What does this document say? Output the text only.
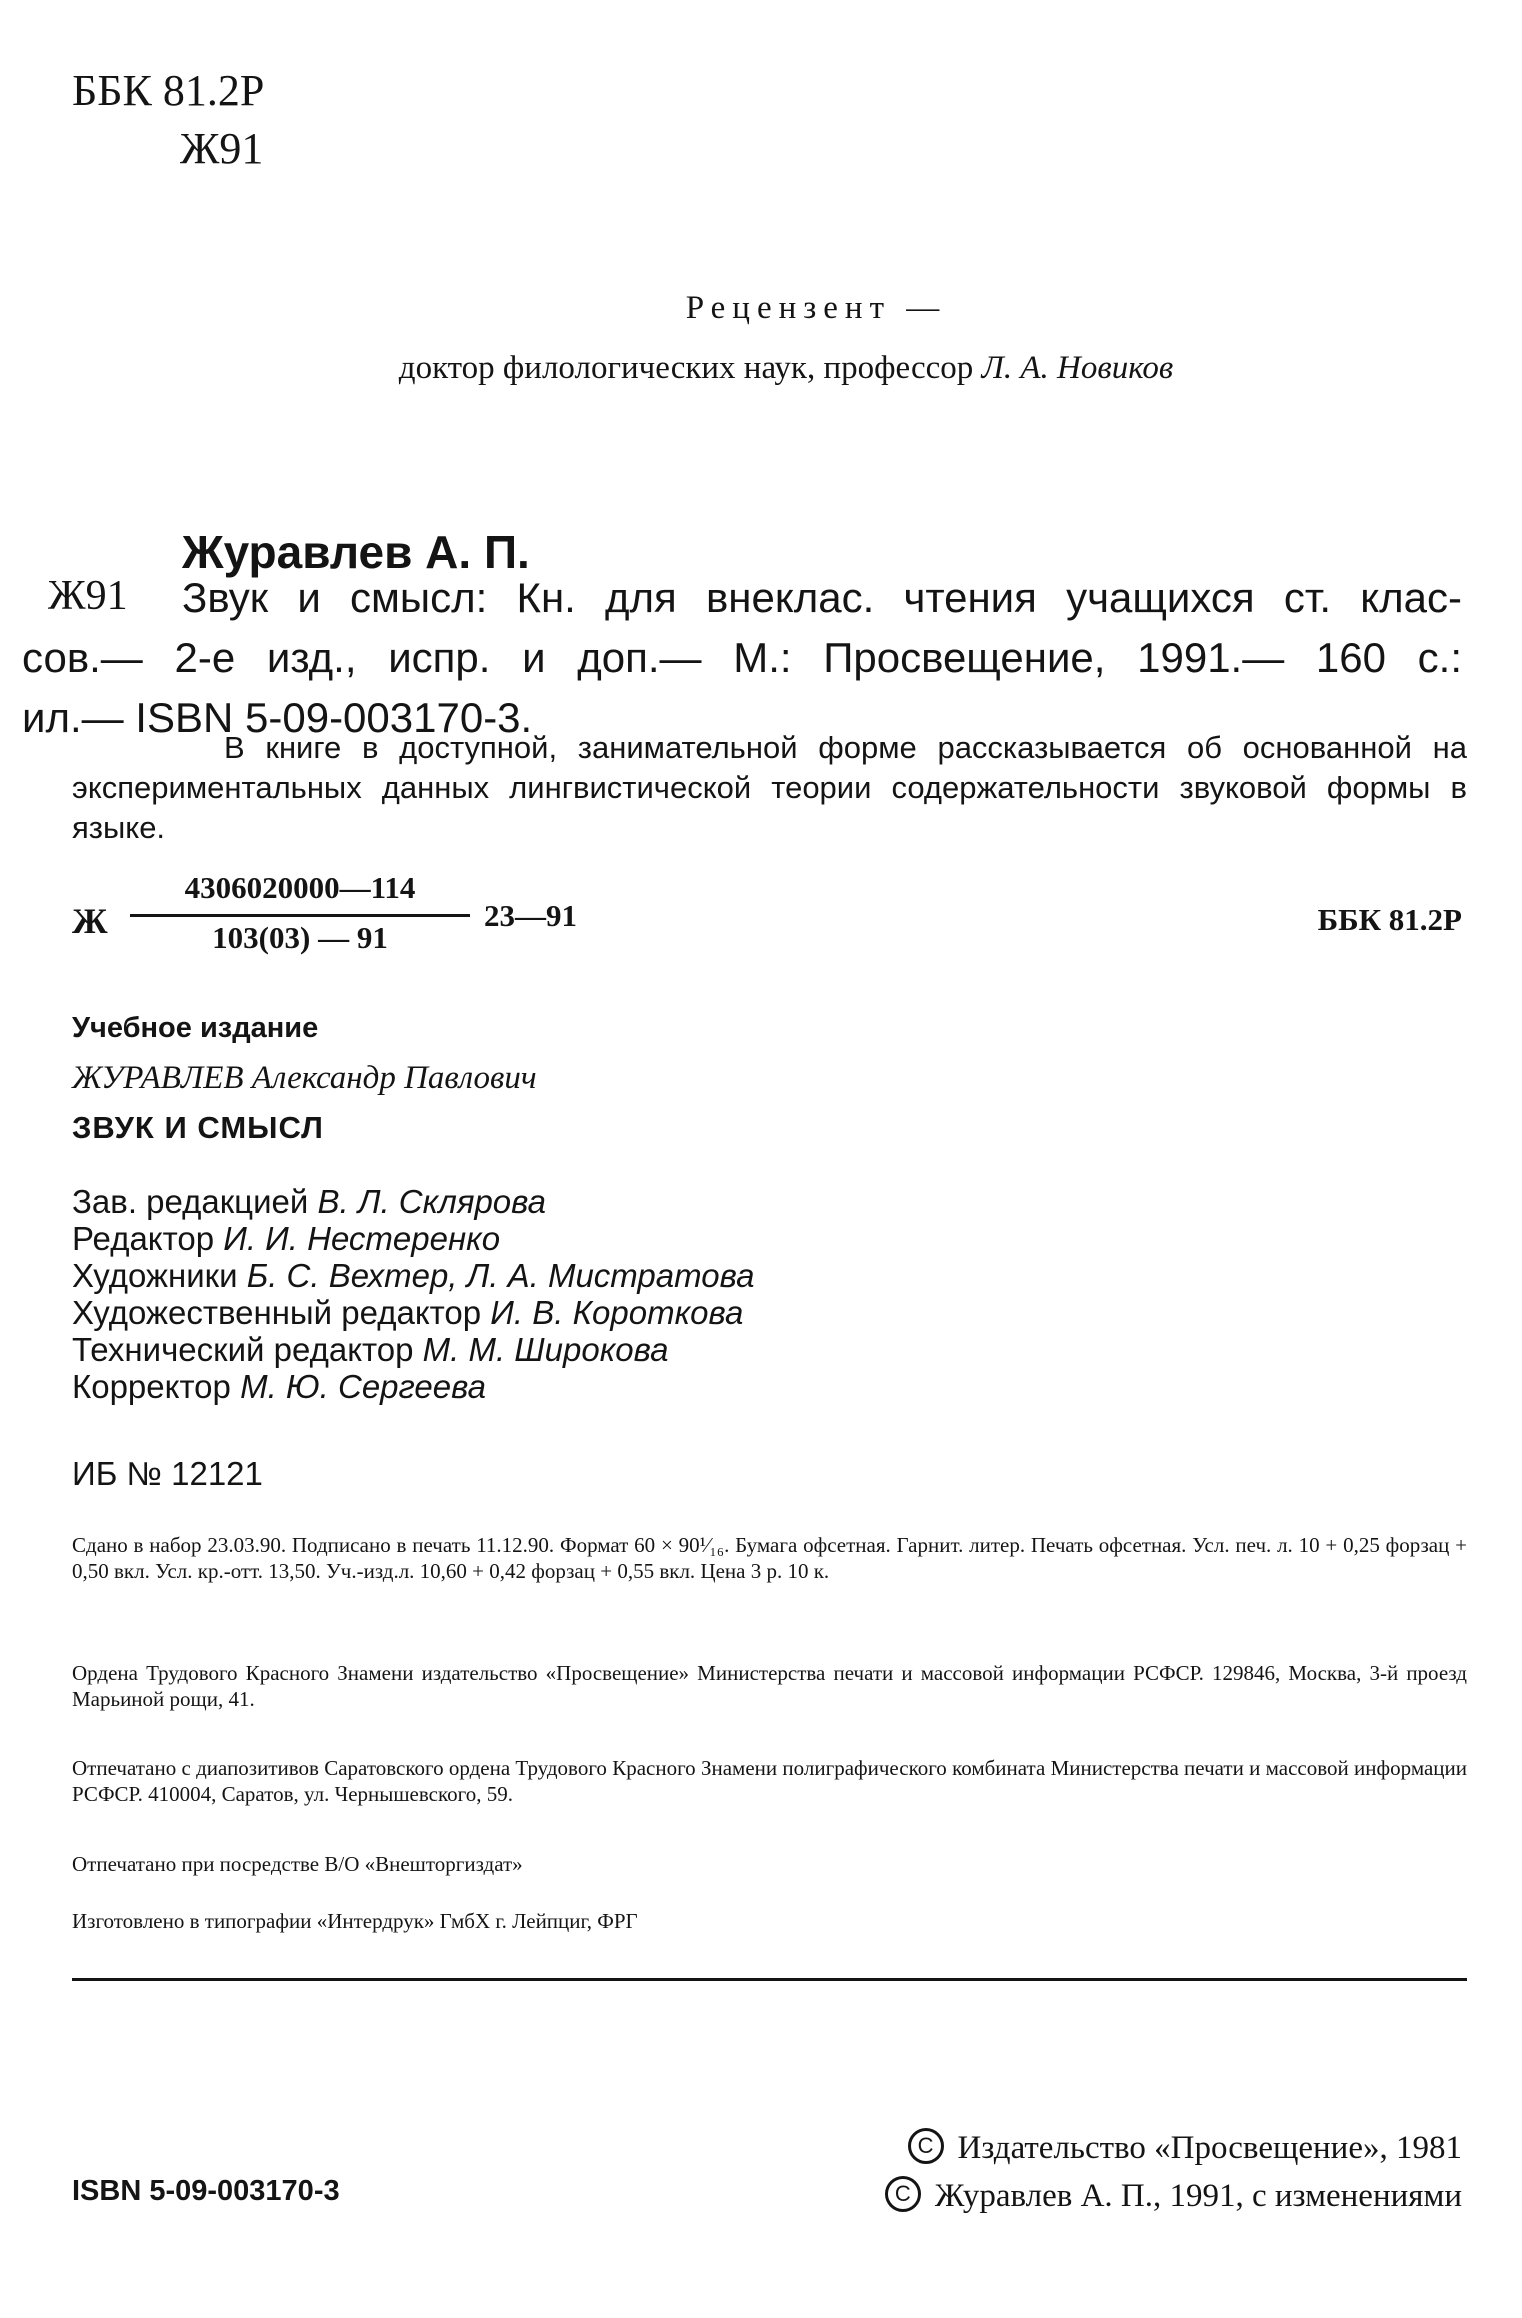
ББК 81.2Р
Ж91
Рецензент —
доктор филологических наук, профессор Л. А. Новиков
Журавлев А. П.
Ж91 Звук и смысл: Кн. для внеклас. чтения учащихся ст. клас-
сов.— 2-е изд., испр. и доп.— М.: Просвещение, 1991.— 160 с.:
ил.— ISBN 5-09-003170-3.
В книге в доступной, занимательной форме рассказывается об основанной на экспериментальных данных лингвистической теории содержательности звуковой формы в языке.
Ж
4306020000—114
103(03) — 91
23—91	ББК 81.2Р
Учебное издание
ЖУРАВЛЕВ Александр Павлович
ЗВУК И СМЫСЛ
Зав. редакцией В. Л. Склярова
Редактор И. И. Нестеренко
Художники Б. С. Вехтер, Л. А. Мистратова
Художественный редактор И. В. Короткова
Технический редактор М. М. Широкова
Корректор М. Ю. Сергеева
ИБ № 12121
Сдано в набор 23.03.90. Подписано в печать 11.12.90. Формат 60 × 90¹⁄₁₆. Бумага офсетная. Гарнит. литер. Печать офсетная. Усл. печ. л. 10 + 0,25 форзац + 0,50 вкл. Усл. кр.-отт. 13,50. Уч.-изд.л. 10,60 + 0,42 форзац + 0,55 вкл. Цена 3 р. 10 к.
Ордена Трудового Красного Знамени издательство «Просвещение» Министерства печати и массовой информации РСФСР. 129846, Москва, 3-й проезд Марьиной рощи, 41.
Отпечатано с диапозитивов Саратовского ордена Трудового Красного Знамени полиграфического комбината Министерства печати и массовой информации РСФСР. 410004, Саратов, ул. Чернышевского, 59.
Отпечатано при посредстве В/О «Внешторгиздат»
Изготовлено в типографии «Интердрук» ГмбХ г. Лейпциг, ФРГ
C Издательство «Просвещение», 1981
C Журавлев А. П., 1991, с изменениями
ISBN 5-09-003170-3
